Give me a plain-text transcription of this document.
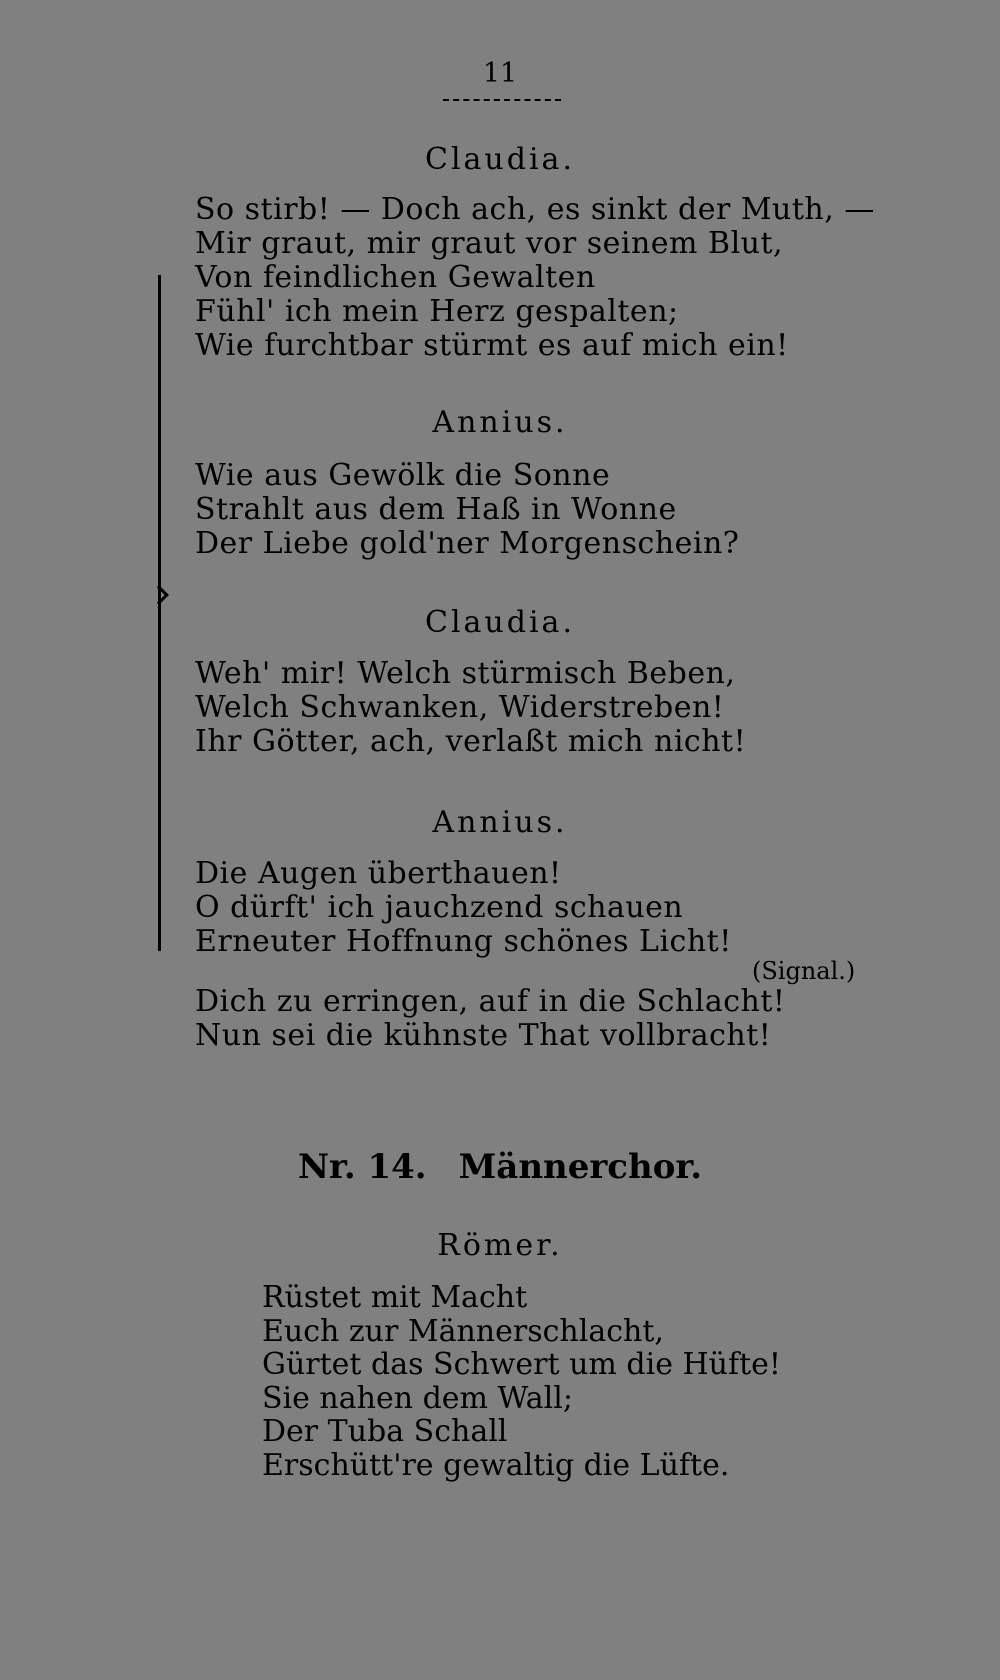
11
Claudia.
So stirb! — Doch ach, es sinkt der Muth, —
Mir graut, mir graut vor seinem Blut,
Von feindlichen Gewalten
Fühl' ich mein Herz gespalten;
Wie furchtbar stürmt es auf mich ein!
Annius.
Wie aus Gewölk die Sonne
Strahlt aus dem Haß in Wonne
Der Liebe gold'ner Morgenschein?
Claudia.
Weh' mir! Welch stürmisch Beben,
Welch Schwanken, Widerstreben!
Ihr Götter, ach, verlaßt mich nicht!
Annius.
Die Augen überthauen!
O dürft' ich jauchzend schauen
Erneuter Hoffnung schönes Licht!
(Signal.)
Dich zu erringen, auf in die Schlacht!
Nun sei die kühnste That vollbracht!
Nr. 14. Männerchor.
Römer.
Rüstet mit Macht
Euch zur Männerschlacht,
Gürtet das Schwert um die Hüfte!
Sie nahen dem Wall;
Der Tuba Schall
Erschütt're gewaltig die Lüfte.
